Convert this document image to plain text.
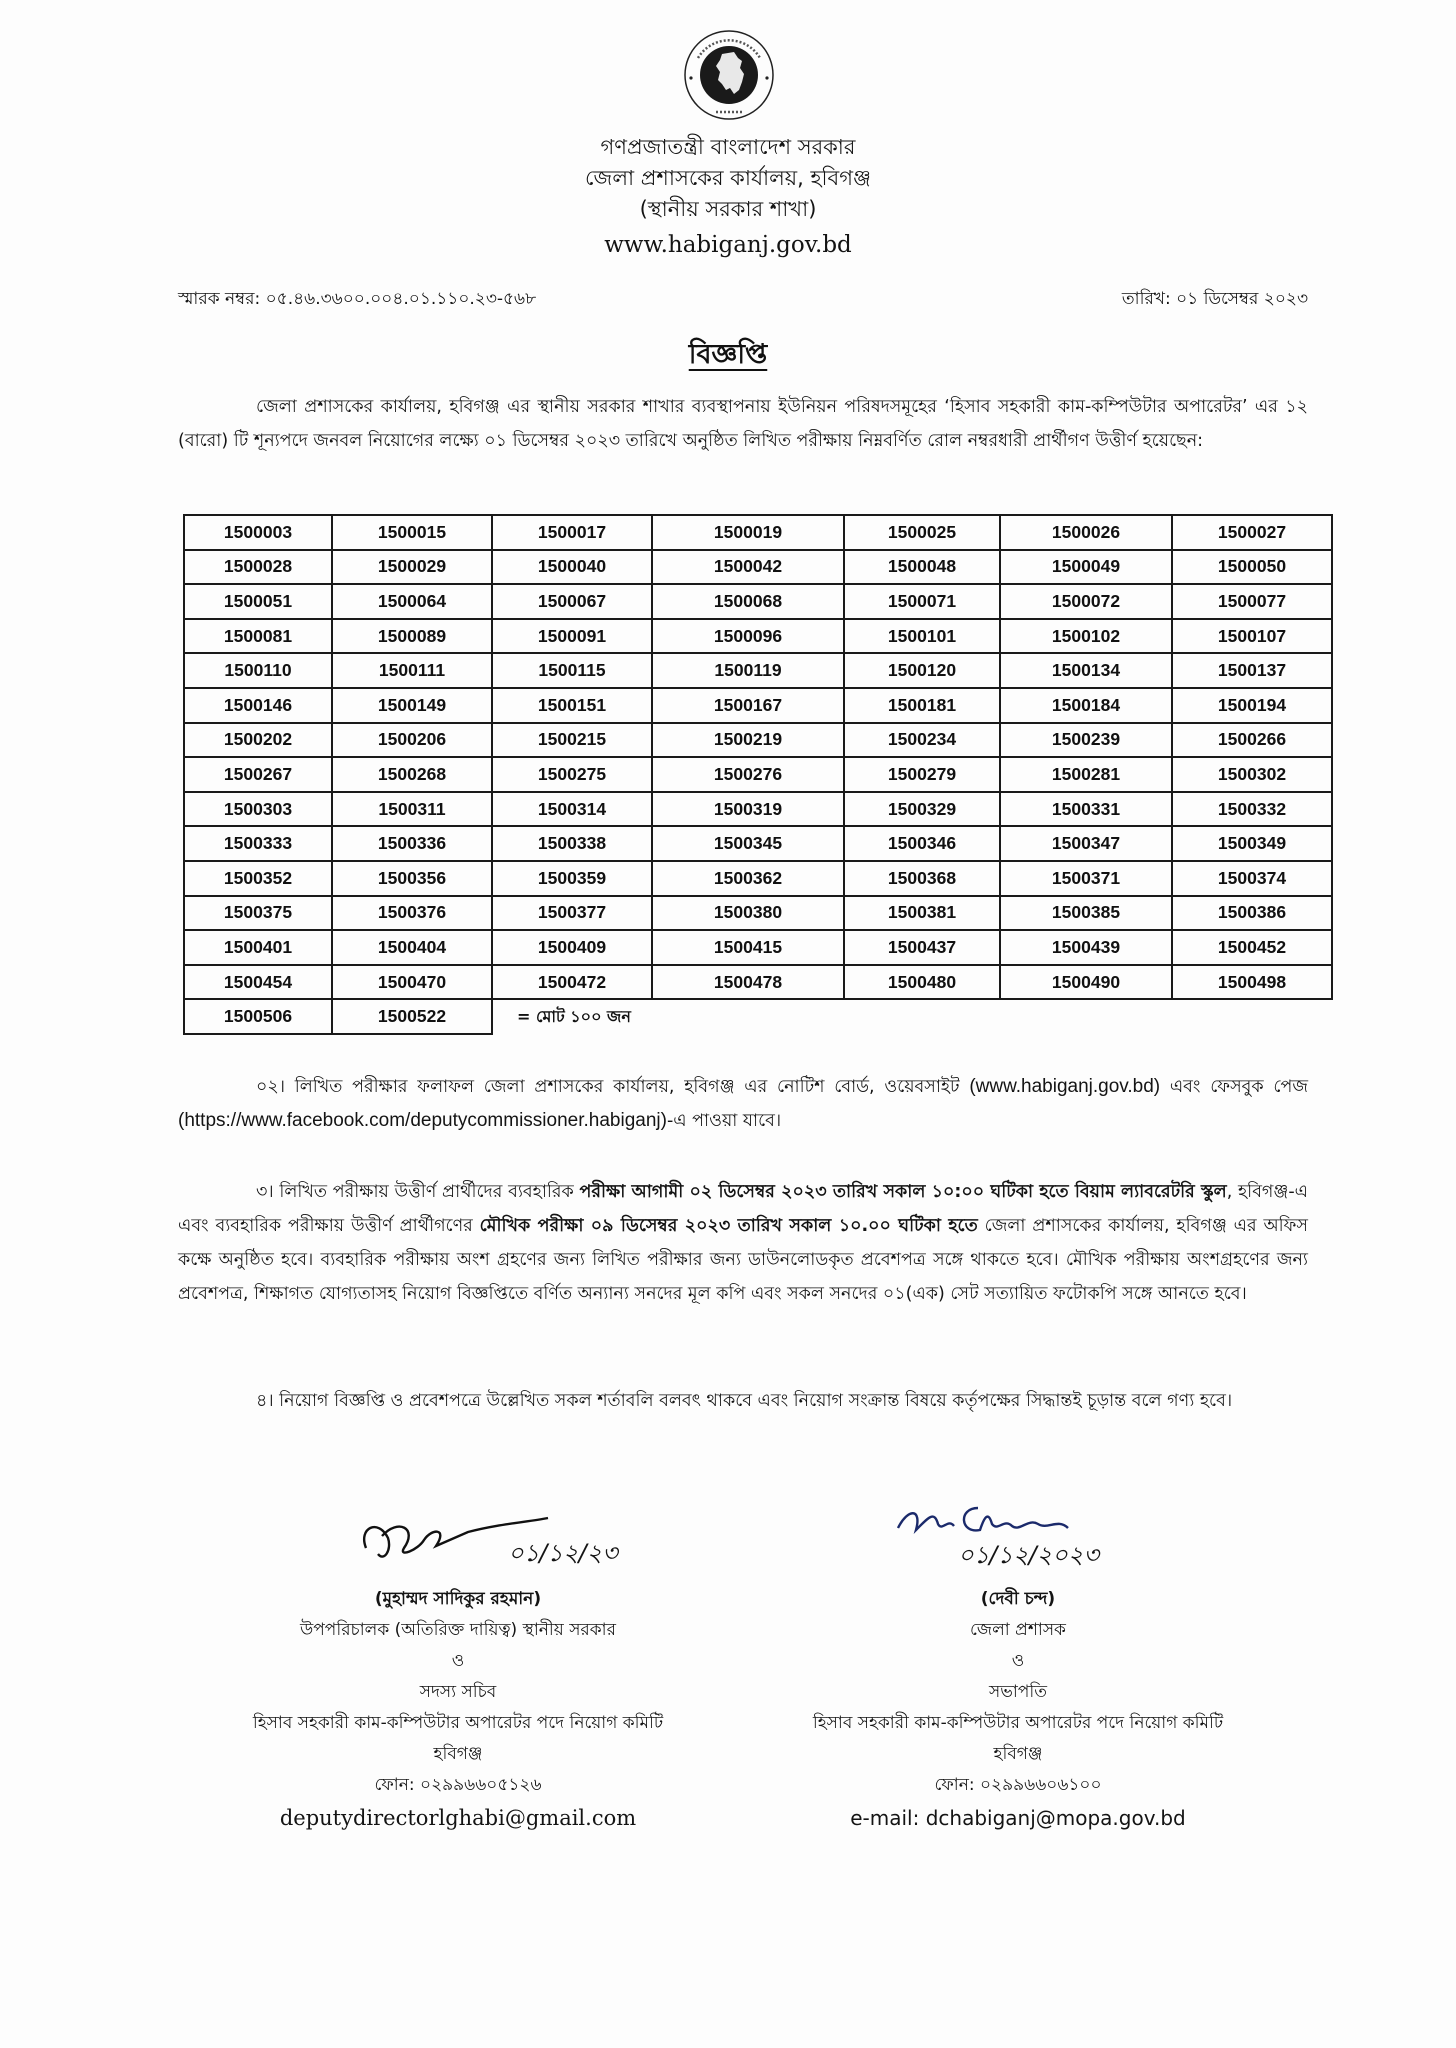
গণপ্রজাতন্ত্রী বাংলাদেশ সরকার
জেলা প্রশাসকের কার্যালয়, হবিগঞ্জ
(স্থানীয় সরকার শাখা)
www.habiganj.gov.bd
স্মারক নম্বর: ০৫.৪৬.৩৬০০.০০৪.০১.১১০.২৩-৫৬৮	তারিখ: ০১ ডিসেম্বর ২০২৩
বিজ্ঞপ্তি
জেলা প্রশাসকের কার্যালয়, হবিগঞ্জ এর স্থানীয় সরকার শাখার ব্যবস্থাপনায় ইউনিয়ন পরিষদসমূহের ‘হিসাব সহকারী কাম-কম্পিউটার অপারেটর’ এর ১২ (বারো) টি শূন্যপদে জনবল নিয়োগের লক্ষ্যে ০১ ডিসেম্বর ২০২৩ তারিখে অনুষ্ঠিত লিখিত পরীক্ষায় নিম্নবর্ণিত রোল নম্বরধারী প্রার্থীগণ উত্তীর্ণ হয়েছেন:
1500003	1500015	1500017	1500019	1500025	1500026	1500027
1500028	1500029	1500040	1500042	1500048	1500049	1500050
1500051	1500064	1500067	1500068	1500071	1500072	1500077
1500081	1500089	1500091	1500096	1500101	1500102	1500107
1500110	1500111	1500115	1500119	1500120	1500134	1500137
1500146	1500149	1500151	1500167	1500181	1500184	1500194
1500202	1500206	1500215	1500219	1500234	1500239	1500266
1500267	1500268	1500275	1500276	1500279	1500281	1500302
1500303	1500311	1500314	1500319	1500329	1500331	1500332
1500333	1500336	1500338	1500345	1500346	1500347	1500349
1500352	1500356	1500359	1500362	1500368	1500371	1500374
1500375	1500376	1500377	1500380	1500381	1500385	1500386
1500401	1500404	1500409	1500415	1500437	1500439	1500452
1500454	1500470	1500472	1500478	1500480	1500490	1500498
1500506	1500522	= মোট ১০০ জন				
০২। লিখিত পরীক্ষার ফলাফল জেলা প্রশাসকের কার্যালয়, হবিগঞ্জ এর নোটিশ বোর্ড, ওয়েবসাইট (www.habiganj.gov.bd) এবং ফেসবুক পেজ (https://www.facebook.com/deputycommissioner.habiganj)-এ পাওয়া যাবে।
৩। লিখিত পরীক্ষায় উত্তীর্ণ প্রার্থীদের ব্যবহারিক পরীক্ষা আগামী ০২ ডিসেম্বর ২০২৩ তারিখ সকাল ১০:০০ ঘটিকা হতে বিয়াম ল্যাবরেটরি স্কুল, হবিগঞ্জ-এ এবং ব্যবহারিক পরীক্ষায় উত্তীর্ণ প্রার্থীগণের মৌখিক পরীক্ষা ০৯ ডিসেম্বর ২০২৩ তারিখ সকাল ১০.০০ ঘটিকা হতে জেলা প্রশাসকের কার্যালয়, হবিগঞ্জ এর অফিস কক্ষে অনুষ্ঠিত হবে। ব্যবহারিক পরীক্ষায় অংশ গ্রহণের জন্য লিখিত পরীক্ষার জন্য ডাউনলোডকৃত প্রবেশপত্র সঙ্গে থাকতে হবে। মৌখিক পরীক্ষায় অংশগ্রহণের জন্য প্রবেশপত্র, শিক্ষাগত যোগ্যতাসহ নিয়োগ বিজ্ঞপ্তিতে বর্ণিত অন্যান্য সনদের মূল কপি এবং সকল সনদের ০১(এক) সেট সত্যায়িত ফটোকপি সঙ্গে আনতে হবে।
৪। নিয়োগ বিজ্ঞপ্তি ও প্রবেশপত্রে উল্লেখিত সকল শর্তাবলি বলবৎ থাকবে এবং নিয়োগ সংক্রান্ত বিষয়ে কর্তৃপক্ষের সিদ্ধান্তই চূড়ান্ত বলে গণ্য হবে।
০১/১২/২৩
(মুহাম্মদ সাদিকুর রহমান)
উপপরিচালক (অতিরিক্ত দায়িত্ব) স্থানীয় সরকার
ও
সদস্য সচিব
হিসাব সহকারী কাম-কম্পিউটার অপারেটর পদে নিয়োগ কমিটি
হবিগঞ্জ
ফোন: ০২৯৯৬৬০৫১২৬
deputydirectorlghabi@gmail.com
০১/১২/২০২৩
(দেবী চন্দ)
জেলা প্রশাসক
ও
সভাপতি
হিসাব সহকারী কাম-কম্পিউটার অপারেটর পদে নিয়োগ কমিটি
হবিগঞ্জ
ফোন: ০২৯৯৬৬০৬১০০
e-mail: dchabiganj@mopa.gov.bd
